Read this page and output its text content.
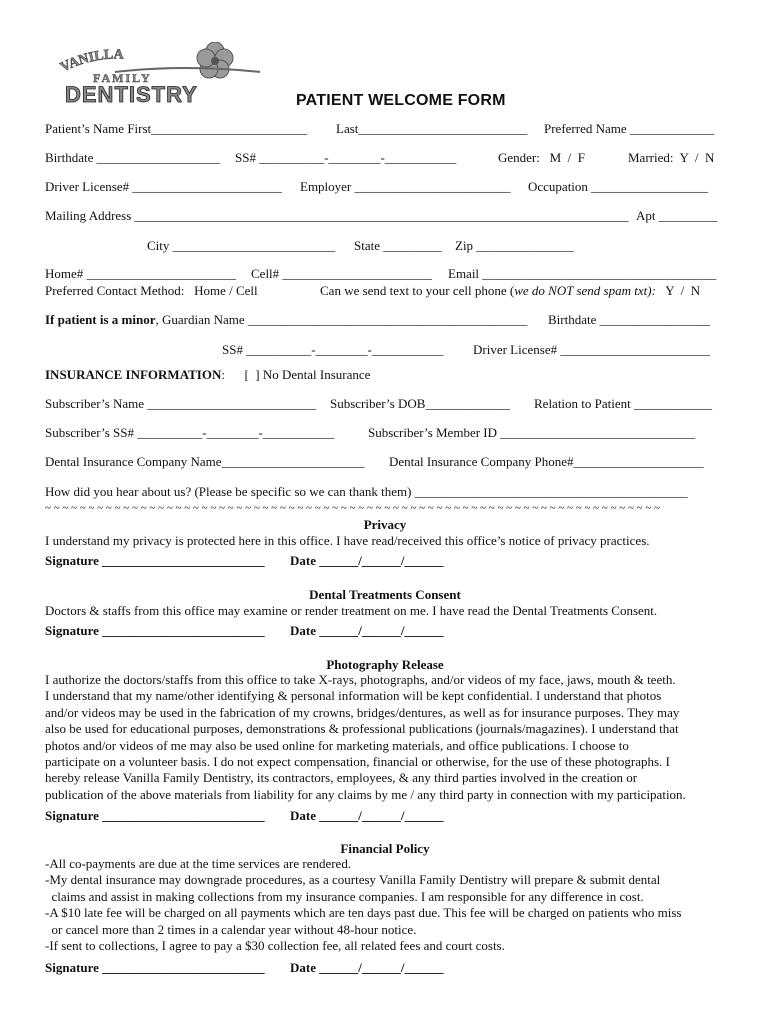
VANILLA
FAMILY
DENTISTRY	PATIENT WELCOME FORM
Patient’s Name First________________________ Last__________________________ Preferred Name _____________
Birthdate ___________________ SS# __________-________-___________	Gender:   M  /  F	Married:  Y  /  N
Driver License# _______________________ Employer ________________________ Occupation __________________
Mailing Address ____________________________________________________________________________ Apt _________
City _________________________ State _________ Zip _______________
Home# _______________________ Cell# _______________________ Email ____________________________________
Preferred Contact Method:   Home / Cell	Can we send text to your cell phone (we do NOT send spam txt):   Y  /  N
If patient is a minor, Guardian Name ___________________________________________ Birthdate _________________
SS# __________-________-___________ Driver License# _______________________
INSURANCE INFORMATION:      [  ] No Dental Insurance
Subscriber’s Name __________________________ Subscriber’s DOB_____________ Relation to Patient ____________
Subscriber’s SS# __________-________-___________	Subscriber’s Member ID ______________________________
Dental Insurance Company Name______________________ Dental Insurance Company Phone#____________________
How did you hear about us? (Please be specific so we can thank them) __________________________________________
~ ~ ~ ~ ~ ~ ~ ~ ~ ~ ~ ~ ~ ~ ~ ~ ~ ~ ~ ~ ~ ~ ~ ~ ~ ~ ~ ~ ~ ~ ~ ~ ~ ~ ~ ~ ~ ~ ~ ~ ~ ~ ~ ~ ~ ~ ~ ~ ~ ~ ~ ~ ~ ~ ~ ~ ~ ~ ~ ~ ~ ~ ~ ~ ~ ~ ~ ~ ~ ~ ~
Privacy
I understand my privacy is protected here in this office. I have read/received this office’s notice of privacy practices.
Signature _________________________ Date ______/______/______
Dental Treatments Consent
Doctors & staffs from this office may examine or render treatment on me. I have read the Dental Treatments Consent.
Signature _________________________ Date ______/______/______
Photography Release
I authorize the doctors/staffs from this office to take X-rays, photographs, and/or videos of my face, jaws, mouth & teeth.
I understand that my name/other identifying & personal information will be kept confidential. I understand that photos
and/or videos may be used in the fabrication of my crowns, bridges/dentures, as well as for insurance purposes. They may
also be used for educational purposes, demonstrations & professional publications (journals/magazines). I understand that
photos and/or videos of me may also be used online for marketing materials, and office publications. I choose to
participate on a volunteer basis. I do not expect compensation, financial or otherwise, for the use of these photographs. I
hereby release Vanilla Family Dentistry, its contractors, employees, & any third parties involved in the creation or
publication of the above materials from liability for any claims by me / any third party in connection with my participation.
Signature _________________________ Date ______/______/______
Financial Policy
-All co-payments are due at the time services are rendered.
-My dental insurance may downgrade procedures, as a courtesy Vanilla Family Dentistry will prepare & submit dental
claims and assist in making collections from my insurance companies. I am responsible for any difference in cost.
-A $10 late fee will be charged on all payments which are ten days past due. This fee will be charged on patients who miss
or cancel more than 2 times in a calendar year without 48-hour notice.
-If sent to collections, I agree to pay a $30 collection fee, all related fees and court costs.
Signature _________________________ Date ______/______/______
